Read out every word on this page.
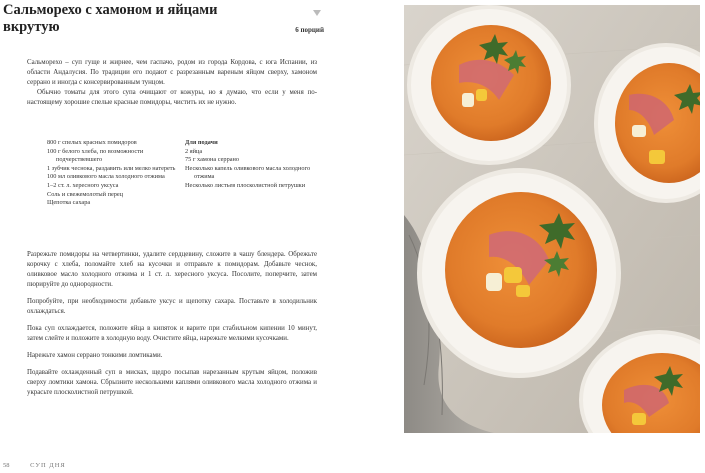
Сальморехо с хамоном и яйцами вкрутую	6 порций

Сальморехо – суп гуще и жирнее, чем гаспачо, родом из города Кордова, с юга Испании, из области Андалусия. По традиции его подают с разрезанным вареным яйцом сверху, хамоном серрано и иногда с консервированным тунцом.

Обычно томаты для этого супа очищают от кожуры, но я думаю, что если у меня по-настоящему хорошие спелые красные помидоры, чистить их не нужно.

800 г спелых красных помидоров
100 г белого хлеба, по возможности подчерствевшего
1 зубчик чеснока, раздавить или мелко натереть
100 мл оливкового масла холодного отжима
1–2 ст. л. хересного уксуса
Соль и свежемолотый перец
Щепотка сахара
Для подачи
2 яйца
75 г хамона серрано
Несколько капель оливкового масла холодного отжима
Несколько листьев плоcколистной петрушки

Разрежьте помидоры на четвертинки, удалите сердцевину, сложите в чашу блендера. Обрежьте корочку с хлеба, поломайте хлеб на кусочки и отправьте к помидорам. Добавьте чеснок, оливковое масло холодного отжима и 1 ст. л. хересного уксуса. Посолите, поперчите, затем пюрируйте до однородности.

Попробуйте, при необходимости добавьте уксус и щепотку сахара. Поставьте в холодильник охлаждаться.

Пока суп охлаждается, положите яйца в кипяток и варите при стабильном кипении 10 минут, затем слейте и положите в холодную воду. Очистите яйца, нарежьте мелкими кусочками.

Нарежьте хамон серрано тонкими ломтиками.

Подавайте охлажденный суп в мисках, щедро посыпав нарезанным крутым яйцом, положив сверху ломтики хамона. Сбрызните несколькими каплями оливкового масла холодного отжима и украсьте плоcколистной петрушкой.

58	СУП ДНЯ
